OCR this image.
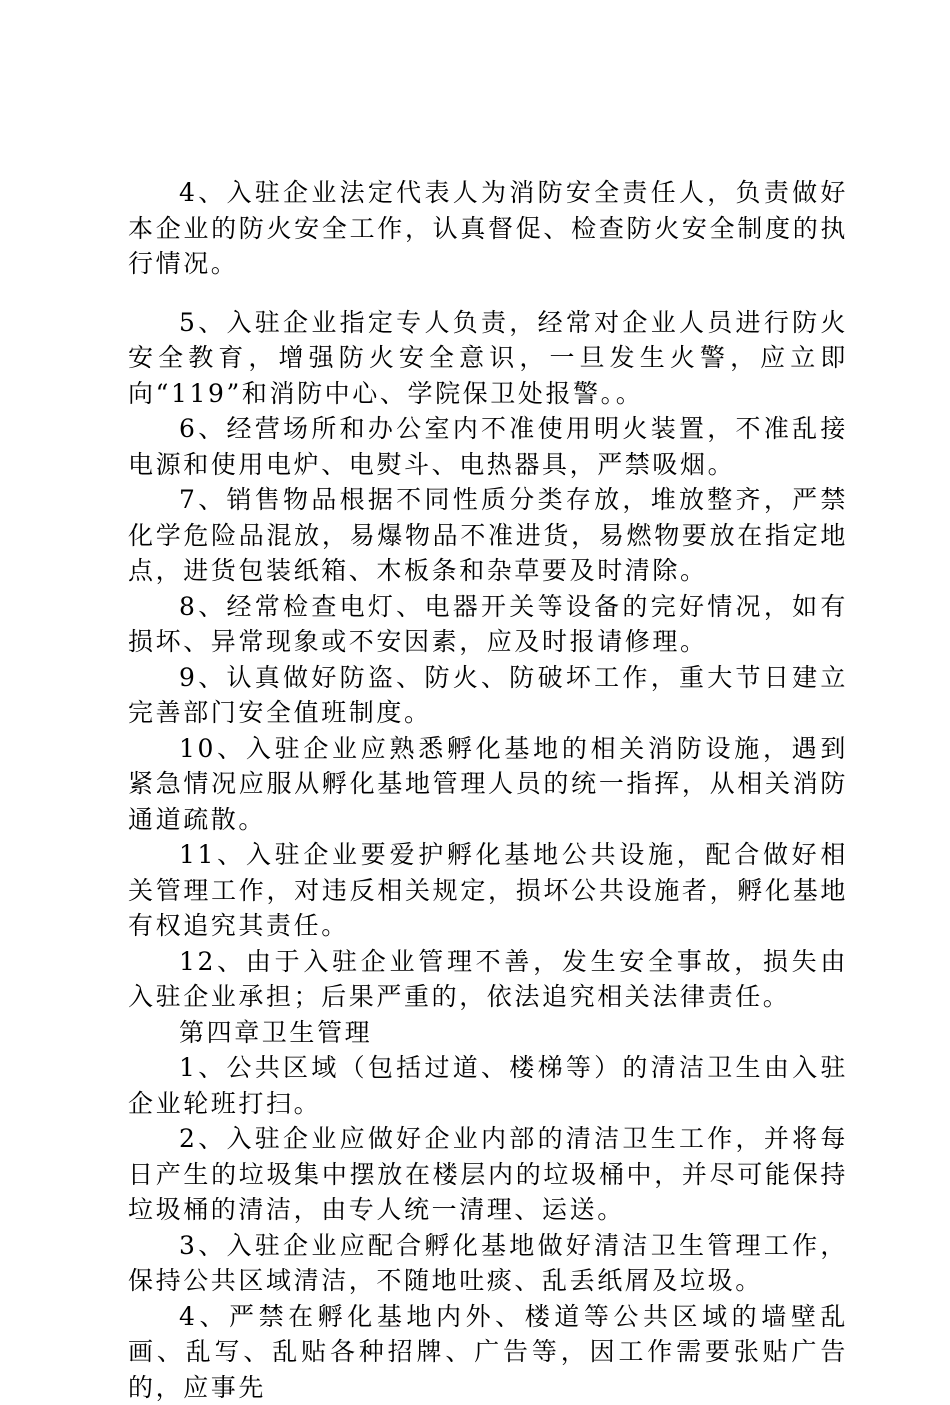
4、入驻企业法定代表人为消防安全责任人，负责做好本企业的防火安全工作，认真督促、检查防火安全制度的执行情况。

5、入驻企业指定专人负责，经常对企业人员进行防火安全教育，增强防火安全意识，一旦发生火警，应立即向“119”和消防中心、学院保卫处报警。。

6、经营场所和办公室内不准使用明火装置，不准乱接电源和使用电炉、电熨斗、电热器具，严禁吸烟。

7、销售物品根据不同性质分类存放，堆放整齐，严禁化学危险品混放，易爆物品不准进货，易燃物要放在指定地点，进货包装纸箱、木板条和杂草要及时清除。

8、经常检查电灯、电器开关等设备的完好情况，如有损坏、异常现象或不安因素，应及时报请修理。

9、认真做好防盗、防火、防破坏工作，重大节日建立完善部门安全值班制度。

10、入驻企业应熟悉孵化基地的相关消防设施，遇到紧急情况应服从孵化基地管理人员的统一指挥，从相关消防通道疏散。

11、入驻企业要爱护孵化基地公共设施，配合做好相关管理工作，对违反相关规定，损坏公共设施者，孵化基地有权追究其责任。

12、由于入驻企业管理不善，发生安全事故，损失由入驻企业承担；后果严重的，依法追究相关法律责任。

第四章卫生管理

1、公共区域（包括过道、楼梯等）的清洁卫生由入驻企业轮班打扫。

2、入驻企业应做好企业内部的清洁卫生工作，并将每日产生的垃圾集中摆放在楼层内的垃圾桶中，并尽可能保持垃圾桶的清洁，由专人统一清理、运送。

3、入驻企业应配合孵化基地做好清洁卫生管理工作，保持公共区域清洁，不随地吐痰、乱丢纸屑及垃圾。

4、严禁在孵化基地内外、楼道等公共区域的墙壁乱画、乱写、乱贴各种招牌、广告等，因工作需要张贴广告的，应事先
